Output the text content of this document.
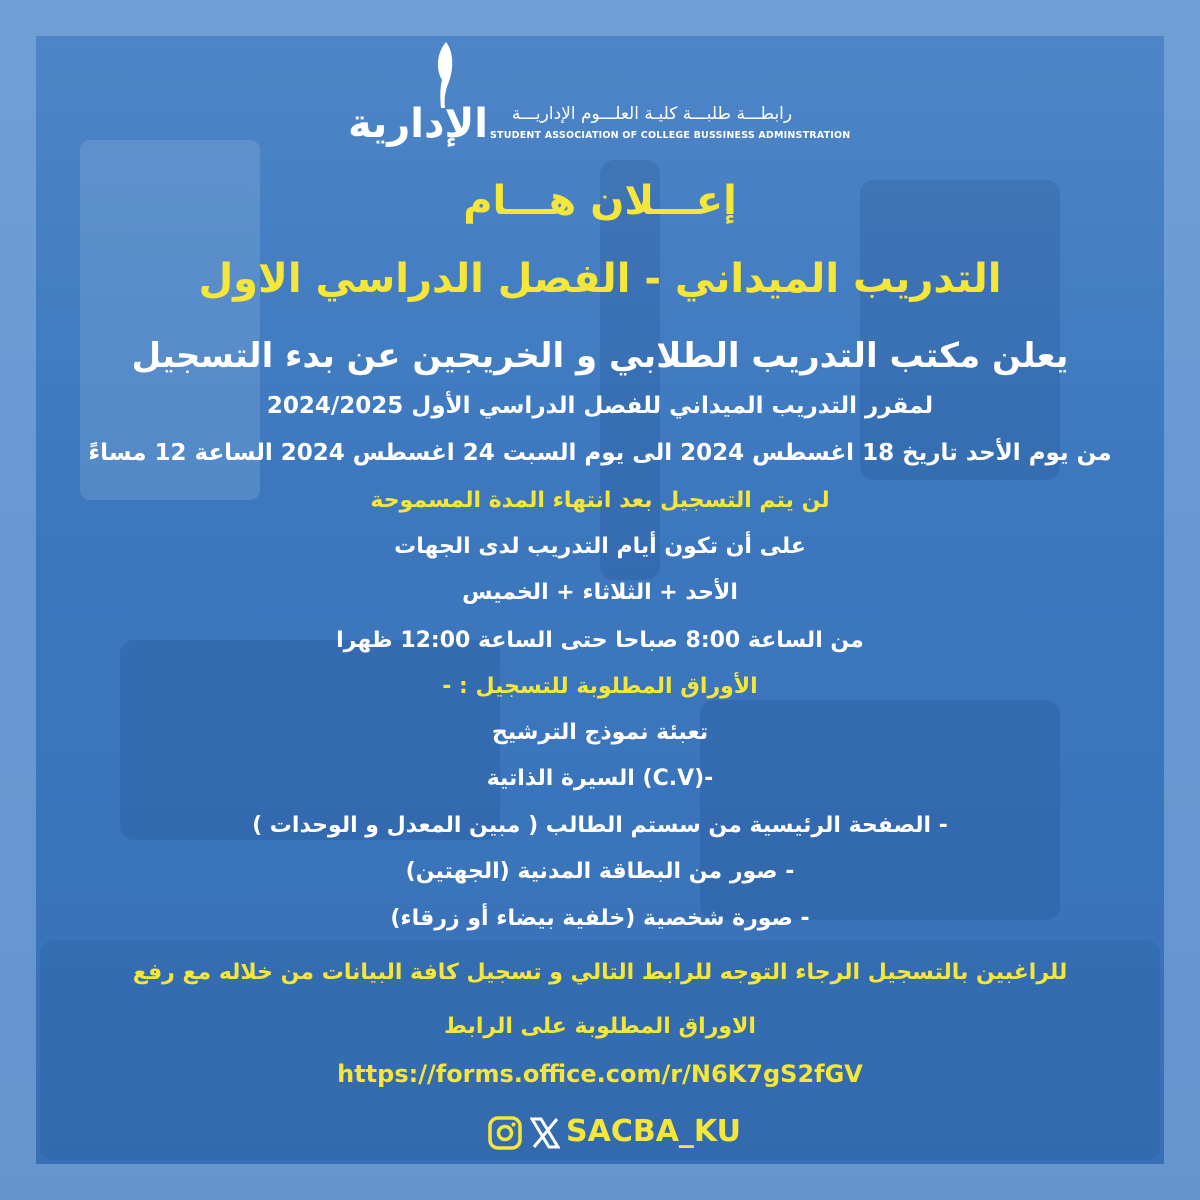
الإدارية	رابطـــة طلبـــة كليـة العلـــوم الإداريـــة
STUDENT ASSOCIATION OF COLLEGE BUSSINESS ADMINSTRATION
إعـــلان هـــام
التدريب الميداني - الفصل الدراسي الاول
يعلن مكتب التدريب الطلابي و الخريجين عن بدء التسجيل
لمقرر التدريب الميداني للفصل الدراسي الأول 2024/2025
من يوم الأحد تاريخ 18 اغسطس 2024 الى يوم السبت 24 اغسطس 2024 الساعة 12 مساءً
لن يتم التسجيل بعد انتهاء المدة المسموحة
على أن تكون أيام التدريب لدى الجهات
الأحد + الثلاثاء + الخميس
من الساعة 8:00 صباحا حتى الساعة 12:00 ظهرا
الأوراق المطلوبة للتسجيل : -
تعبئة نموذج الترشيح
-(C.V) السيرة الذاتية
- الصفحة الرئيسية من سستم الطالب ( مبين المعدل و الوحدات )
- صور من البطاقة المدنية (الجهتين)
- صورة شخصية (خلفية بيضاء أو زرقاء)
للراغبين بالتسجيل الرجاء التوجه للرابط التالي و تسجيل كافة البيانات من خلاله مع رفع
الاوراق المطلوبة على الرابط
https://forms.office.com/r/N6K7gS2fGV
SACBA_KU
